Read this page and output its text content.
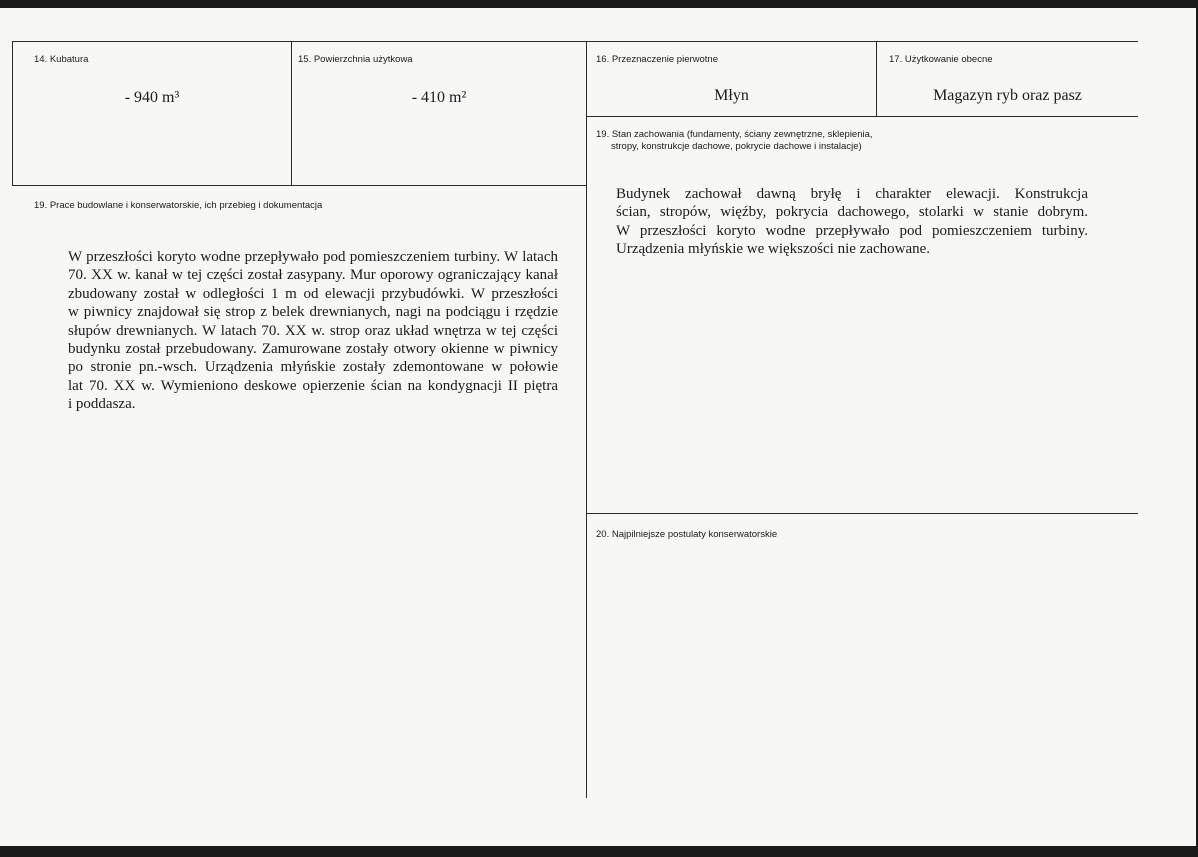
14. Kubatura
- 940 m³
15. Powierzchnia użytkowa
- 410 m²
16. Przeznaczenie pierwotne
Młyn
17. Użytkowanie obecne
Magazyn ryb oraz pasz
19. Stan zachowania (fundamenty, ściany zewnętrzne, sklepienia,
stropy, konstrukcje dachowe, pokrycie dachowe i instalacje)
Budynek zachował dawną bryłę i charakter elewacji. Konstrukcja
ścian, stropów, więźby, pokrycia dachowego, stolarki w stanie dobrym.
W przeszłości koryto wodne przepływało pod pomieszczeniem turbiny.
Urządzenia młyńskie we większości nie zachowane.
19. Prace budowlane i konserwatorskie, ich przebieg i dokumentacja
W przeszłości koryto wodne przepływało pod pomieszczeniem turbiny. W latach
70. XX w. kanał w tej części został zasypany. Mur oporowy ograniczający kanał
zbudowany został w odległości 1 m od elewacji przybudówki. W przeszłości
w piwnicy znajdował się strop z belek drewnianych, nagi na podciągu i rzędzie
słupów drewnianych. W latach 70. XX w. strop oraz układ wnętrza w tej części
budynku został przebudowany. Zamurowane zostały otwory okienne w piwnicy
po stronie pn.-wsch. Urządzenia młyńskie zostały zdemontowane w połowie
lat 70. XX w. Wymieniono deskowe opierzenie ścian na kondygnacji II piętra
i poddasza.
20. Najpilniejsze postulaty konserwatorskie
